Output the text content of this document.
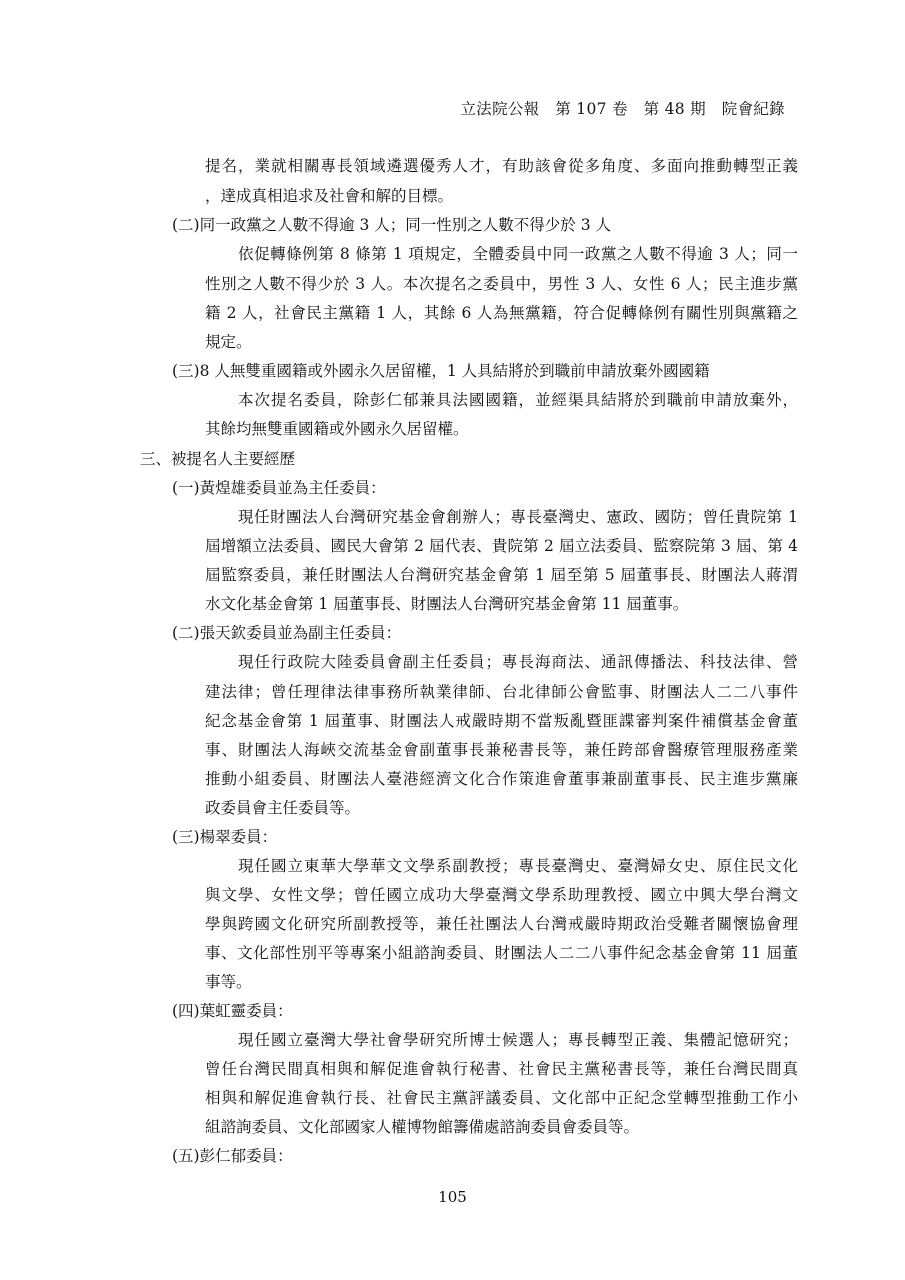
立法院公報　第 107 卷　第 48 期　院會紀錄
提名，業就相關專長領域遴選優秀人才，有助該會從多角度、多面向推動轉型正義
，達成真相追求及社會和解的目標。
(二)同一政黨之人數不得逾 3 人；同一性別之人數不得少於 3 人
依促轉條例第 8 條第 1 項規定，全體委員中同一政黨之人數不得逾 3 人；同一
性別之人數不得少於 3 人。本次提名之委員中，男性 3 人、女性 6 人；民主進步黨
籍 2 人，社會民主黨籍 1 人，其餘 6 人為無黨籍，符合促轉條例有關性別與黨籍之
規定。
(三)8 人無雙重國籍或外國永久居留權，1 人具結將於到職前申請放棄外國國籍
本次提名委員，除彭仁郁兼具法國國籍，並經渠具結將於到職前申請放棄外，
其餘均無雙重國籍或外國永久居留權。
三、被提名人主要經歷
(一)黃煌雄委員並為主任委員：
現任財團法人台灣研究基金會創辦人；專長臺灣史、憲政、國防；曾任貴院第 1
屆增額立法委員、國民大會第 2 屆代表、貴院第 2 屆立法委員、監察院第 3 屆、第 4
屆監察委員，兼任財團法人台灣研究基金會第 1 屆至第 5 屆董事長、財團法人蔣渭
水文化基金會第 1 屆董事長、財團法人台灣研究基金會第 11 屆董事。
(二)張天欽委員並為副主任委員：
現任行政院大陸委員會副主任委員；專長海商法、通訊傳播法、科技法律、營
建法律；曾任理律法律事務所執業律師、台北律師公會監事、財團法人二二八事件
紀念基金會第 1 屆董事、財團法人戒嚴時期不當叛亂暨匪諜審判案件補償基金會董
事、財團法人海峽交流基金會副董事長兼秘書長等，兼任跨部會醫療管理服務產業
推動小組委員、財團法人臺港經濟文化合作策進會董事兼副董事長、民主進步黨廉
政委員會主任委員等。
(三)楊翠委員：
現任國立東華大學華文文學系副教授；專長臺灣史、臺灣婦女史、原住民文化
與文學、女性文學；曾任國立成功大學臺灣文學系助理教授、國立中興大學台灣文
學與跨國文化研究所副教授等，兼任社團法人台灣戒嚴時期政治受難者關懷協會理
事、文化部性別平等專案小組諮詢委員、財團法人二二八事件紀念基金會第 11 屆董
事等。
(四)葉虹靈委員：
現任國立臺灣大學社會學研究所博士候選人；專長轉型正義、集體記憶研究；
曾任台灣民間真相與和解促進會執行秘書、社會民主黨秘書長等，兼任台灣民間真
相與和解促進會執行長、社會民主黨評議委員、文化部中正紀念堂轉型推動工作小
組諮詢委員、文化部國家人權博物館籌備處諮詢委員會委員等。
(五)彭仁郁委員：
105
